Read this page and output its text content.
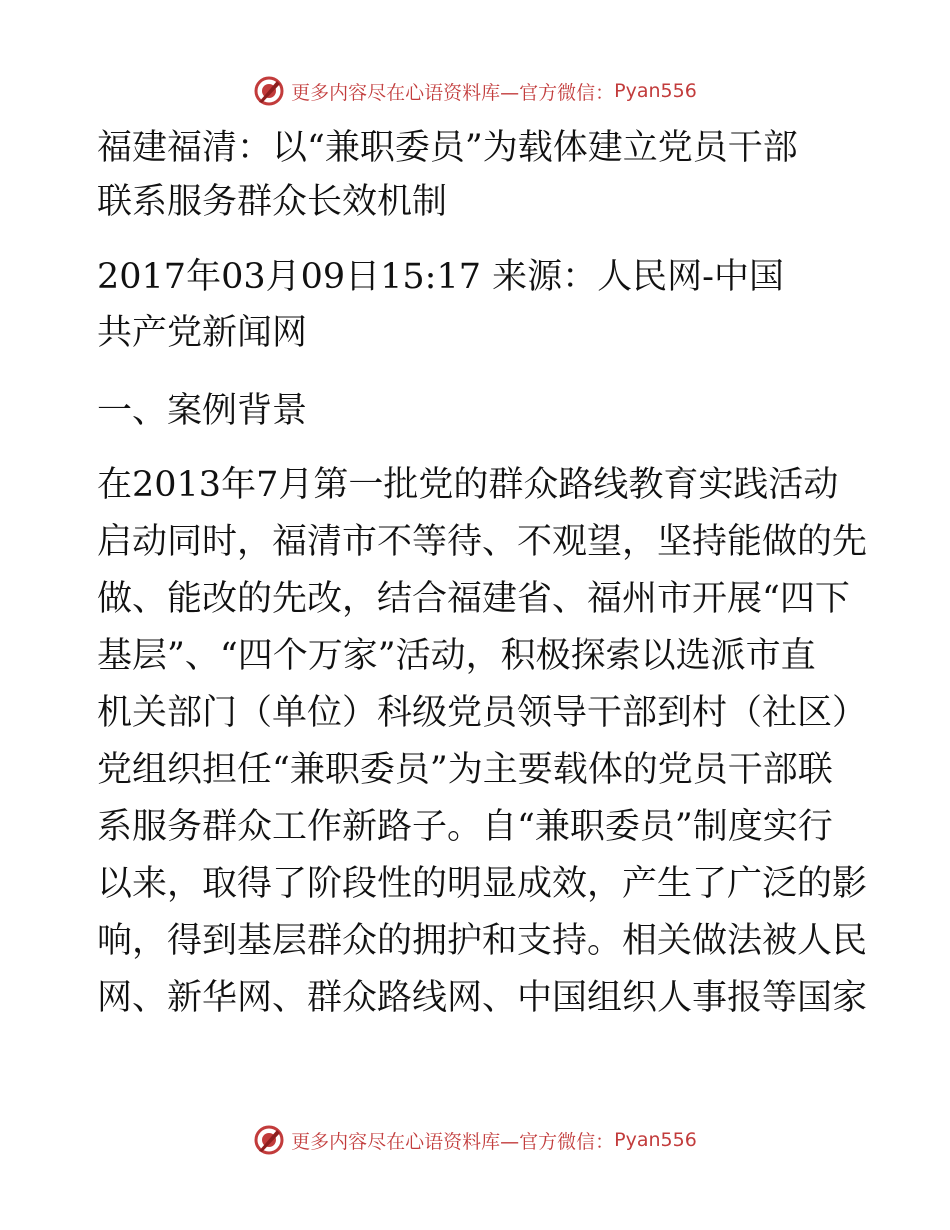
更多内容尽在心语资料库—官方微信： Pyan556
福建福清：以“兼职委员”为载体建立党员干部
联系服务群众长效机制
2017年03月09日15:17 来源：人民网-中国
共产党新闻网
一、案例背景
在2013年7月第一批党的群众路线教育实践活动
启动同时，福清市不等待、不观望，坚持能做的先
做、能改的先改，结合福建省、福州市开展“四下
基层”、“四个万家”活动，积极探索以选派市直
机关部门（单位）科级党员领导干部到村（社区）
党组织担任“兼职委员”为主要载体的党员干部联
系服务群众工作新路子。自“兼职委员”制度实行
以来，取得了阶段性的明显成效，产生了广泛的影
响，得到基层群众的拥护和支持。相关做法被人民
网、新华网、群众路线网、中国组织人事报等国家
更多内容尽在心语资料库—官方微信： Pyan556
